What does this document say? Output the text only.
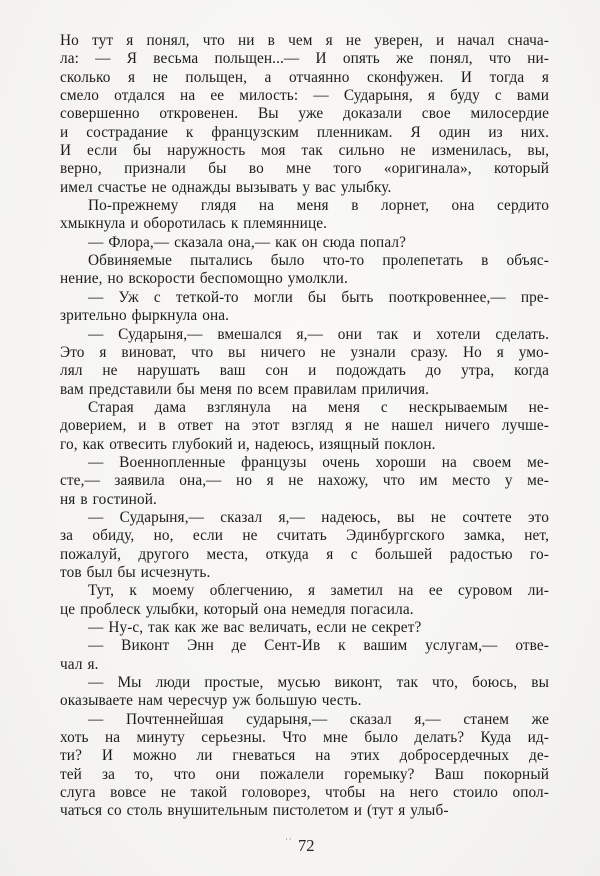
Но тут я понял, что ни в чем я не уверен, и начал снача-
ла: — Я весьма польщен...— И опять же понял, что ни-
сколько я не польщен, а отчаянно сконфужен. И тогда я
смело отдался на ее милость: — Сударыня, я буду с вами
совершенно откровенен. Вы уже доказали свое милосердие
и сострадание к французским пленникам. Я один из них.
И если бы наружность моя так сильно не изменилась, вы,
верно, признали бы во мне того «оригинала», который
имел счастье не однажды вызывать у вас улыбку.
По-прежнему глядя на меня в лорнет, она сердито
хмыкнула и оборотилась к племяннице.
— Флора,— сказала она,— как он сюда попал?
Обвиняемые пытались было что-то пролепетать в объяс-
нение, но вскорости беспомощно умолкли.
— Уж с теткой-то могли бы быть пооткровеннее,— пре-
зрительно фыркнула она.
— Сударыня,— вмешался я,— они так и хотели сделать.
Это я виноват, что вы ничего не узнали сразу. Но я умо-
лял не нарушать ваш сон и подождать до утра, когда
вам представили бы меня по всем правилам приличия.
Старая дама взглянула на меня с нескрываемым не-
доверием, и в ответ на этот взгляд я не нашел ничего лучше-
го, как отвесить глубокий и, надеюсь, изящный поклон.
— Военнопленные французы очень хороши на своем ме-
сте,— заявила она,— но я не нахожу, что им место у ме-
ня в гостиной.
— Сударыня,— сказал я,— надеюсь, вы не сочтете это
за обиду, но, если не считать Эдинбургского замка, нет,
пожалуй, другого места, откуда я с большей радостью го-
тов был бы исчезнуть.
Тут, к моему облегчению, я заметил на ее суровом ли-
це проблеск улыбки, который она немедля погасила.
— Ну-с, так как же вас величать, если не секрет?
— Виконт Энн де Сент-Ив к вашим услугам,— отве-
чал я.
— Мы люди простые, мусью виконт, так что, боюсь, вы
оказываете нам чересчур уж большую честь.
— Почтеннейшая сударыня,— сказал я,— станем же
хоть на минуту серьезны. Что мне было делать? Куда ид-
ти? И можно ли гневаться на этих добросердечных де-
тей за то, что они пожалели горемыку? Ваш покорный
слуга вовсе не такой головорез, чтобы на него стоило опол-
чаться со столь внушительным пистолетом и (тут я улыб-
'' 72
